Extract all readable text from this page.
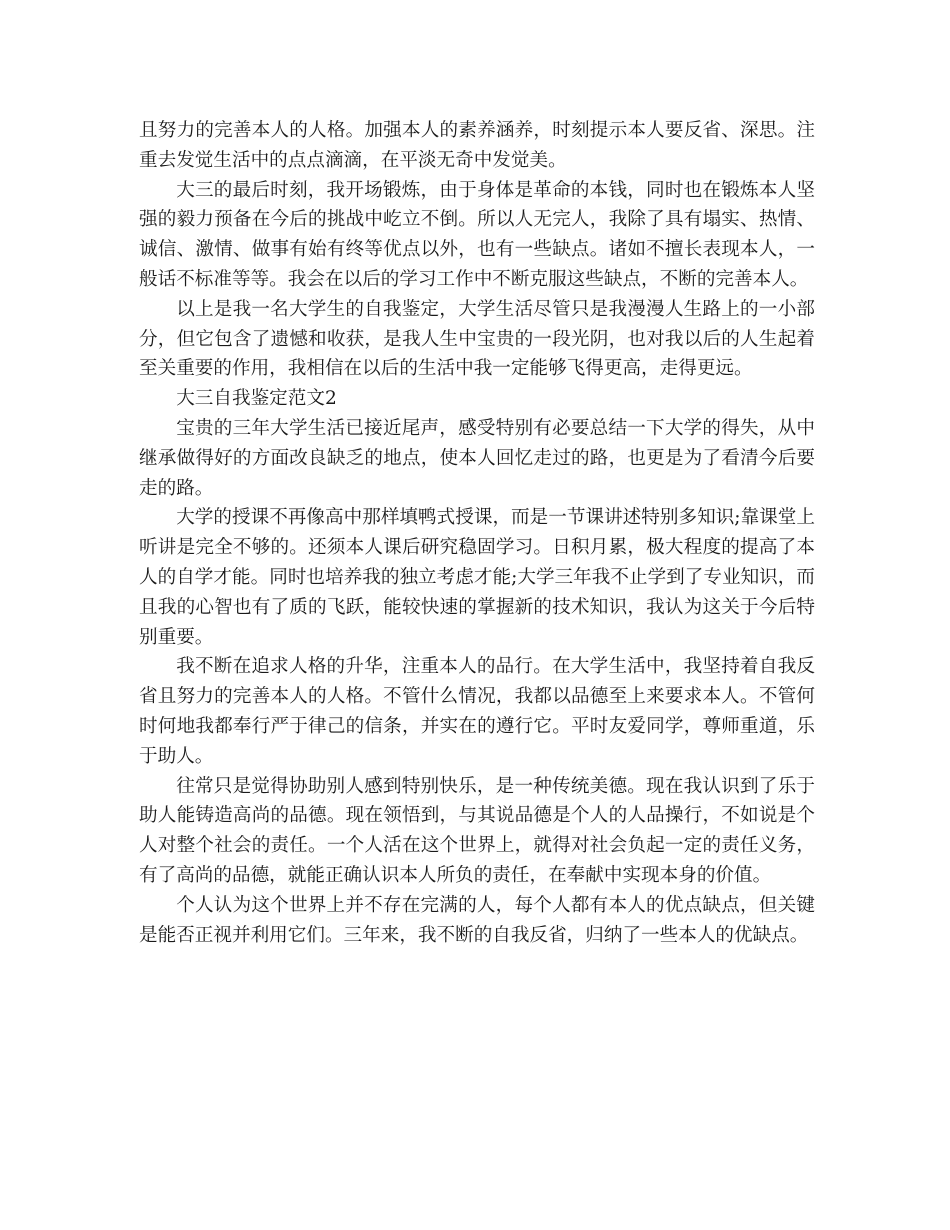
且努力的完善本人的人格。加强本人的素养涵养，时刻提示本人要反省、深思。注重去发觉生活中的点点滴滴，在平淡无奇中发觉美。

大三的最后时刻，我开场锻炼，由于身体是革命的本钱，同时也在锻炼本人坚强的毅力预备在今后的挑战中屹立不倒。所以人无完人，我除了具有塌实、热情、诚信、激情、做事有始有终等优点以外，也有一些缺点。诸如不擅长表现本人，一般话不标准等等。我会在以后的学习工作中不断克服这些缺点，不断的完善本人。

以上是我一名大学生的自我鉴定，大学生活尽管只是我漫漫人生路上的一小部分，但它包含了遗憾和收获，是我人生中宝贵的一段光阴，也对我以后的人生起着至关重要的作用，我相信在以后的生活中我一定能够飞得更高，走得更远。

大三自我鉴定范文2

宝贵的三年大学生活已接近尾声，感受特别有必要总结一下大学的得失，从中继承做得好的方面改良缺乏的地点，使本人回忆走过的路，也更是为了看清今后要走的路。

大学的授课不再像高中那样填鸭式授课，而是一节课讲述特别多知识;靠课堂上听讲是完全不够的。还须本人课后研究稳固学习。日积月累，极大程度的提高了本人的自学才能。同时也培养我的独立考虑才能;大学三年我不止学到了专业知识，而且我的心智也有了质的飞跃，能较快速的掌握新的技术知识，我认为这关于今后特别重要。

我不断在追求人格的升华，注重本人的品行。在大学生活中，我坚持着自我反省且努力的完善本人的人格。不管什么情况，我都以品德至上来要求本人。不管何时何地我都奉行严于律己的信条，并实在的遵行它。平时友爱同学，尊师重道，乐于助人。

往常只是觉得协助别人感到特别快乐，是一种传统美德。现在我认识到了乐于助人能铸造高尚的品德。现在领悟到，与其说品德是个人的人品操行，不如说是个人对整个社会的责任。一个人活在这个世界上，就得对社会负起一定的责任义务，有了高尚的品德，就能正确认识本人所负的责任，在奉献中实现本身的价值。

个人认为这个世界上并不存在完满的人，每个人都有本人的优点缺点，但关键是能否正视并利用它们。三年来，我不断的自我反省，归纳了一些本人的优缺点。
